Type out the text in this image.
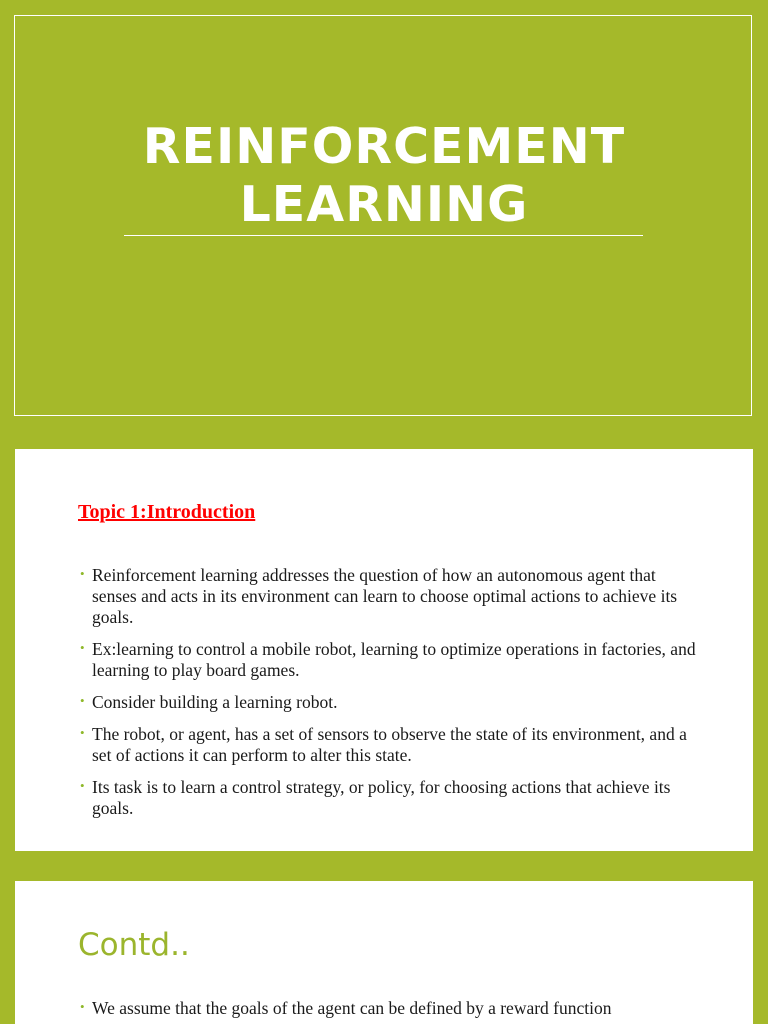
REINFORCEMENT
LEARNING
Topic 1:Introduction
• Reinforcement learning addresses the question of how an autonomous agent that senses and acts in its environment can learn to choose optimal actions to achieve its goals.
• Ex:learning to control a mobile robot, learning to optimize operations in factories, and learning to play board games.
• Consider building a learning robot.
• The robot, or agent, has a set of sensors to observe the state of its environment, and a set of actions it can perform to alter this state.
• Its task is to learn a control strategy, or policy, for choosing actions that achieve its goals.
Contd..
• We assume that the goals of the agent can be defined by a reward function
